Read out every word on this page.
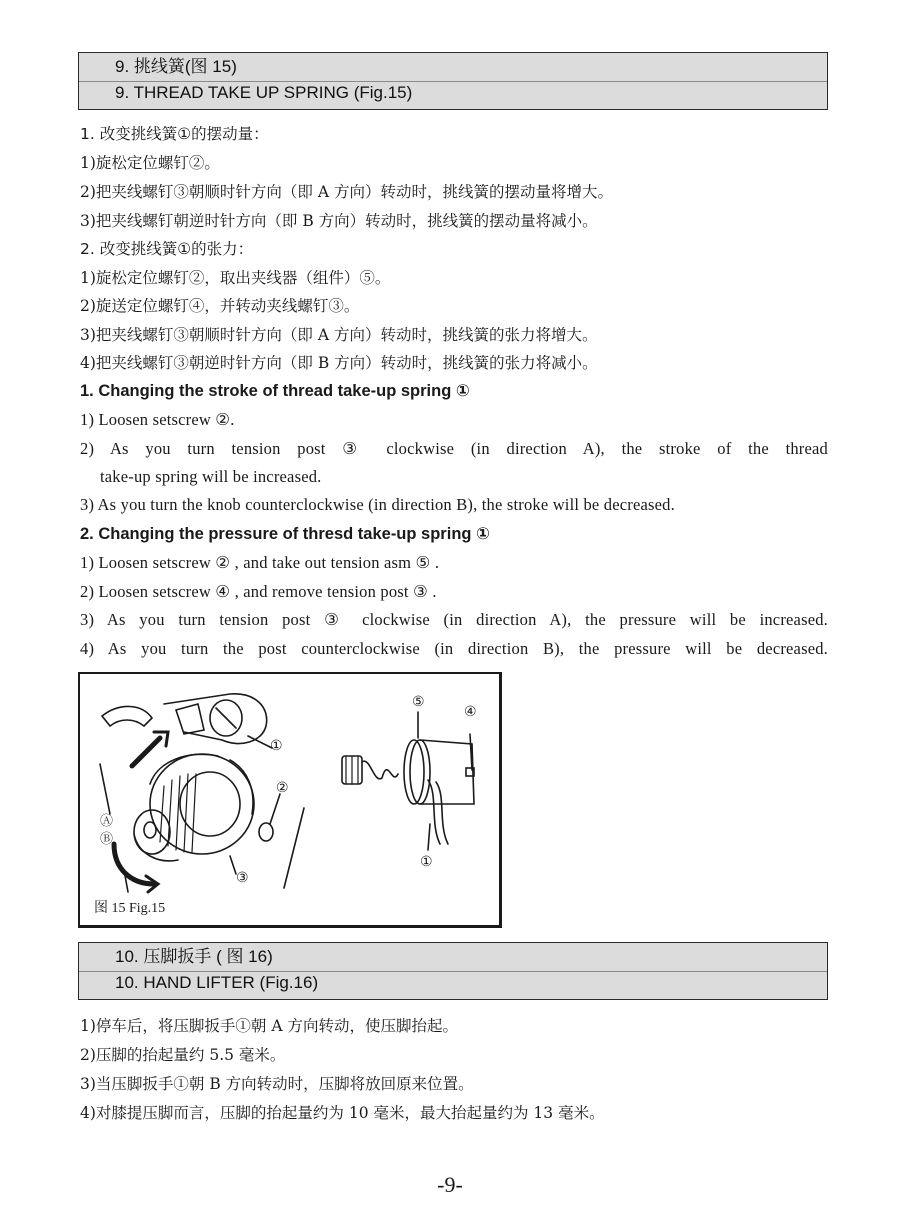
9. 挑线簧(图 15)
9. THREAD TAKE UP SPRING (Fig.15)
1. 改变挑线簧①的摆动量：
1)旋松定位螺钉②。
2)把夹线螺钉③朝顺时针方向（即 A 方向）转动时，挑线簧的摆动量将增大。
3)把夹线螺钉朝逆时针方向（即 B 方向）转动时，挑线簧的摆动量将减小。
2. 改变挑线簧①的张力：
1)旋松定位螺钉②，取出夹线器（组件）⑤。
2)旋送定位螺钉④，并转动夹线螺钉③。
3)把夹线螺钉③朝顺时针方向（即 A 方向）转动时，挑线簧的张力将增大。
4)把夹线螺钉③朝逆时针方向（即 B 方向）转动时，挑线簧的张力将减小。
1. Changing the stroke of thread take-up spring ①
1) Loosen setscrew ②.
2) As you turn tension post ③ clockwise (in direction A), the stroke of the thread
take-up spring will be increased.
3) As you turn the knob counterclockwise (in direction B), the stroke will be decreased.
2. Changing the pressure of thresd take-up spring ①
1) Loosen setscrew ② , and take out tension asm ⑤ .
2) Loosen setscrew ④ , and remove tension post ③ .
3) As you turn tension post ③ clockwise (in direction A), the pressure will be increased.
4) As you turn the post counterclockwise (in direction B), the pressure will be decreased.
①
②
③
Ⓐ
Ⓑ
⑤
④
①
图 15 Fig.15
10. 压脚扳手 ( 图 16)
10. HAND LIFTER (Fig.16)
1)停车后，将压脚扳手①朝 A 方向转动，使压脚抬起。
2)压脚的抬起量约 5.5 毫米。
3)当压脚扳手①朝 B 方向转动时，压脚将放回原来位置。
4)对膝提压脚而言，压脚的抬起量约为 10 毫米，最大抬起量约为 13 毫米。
-9-
